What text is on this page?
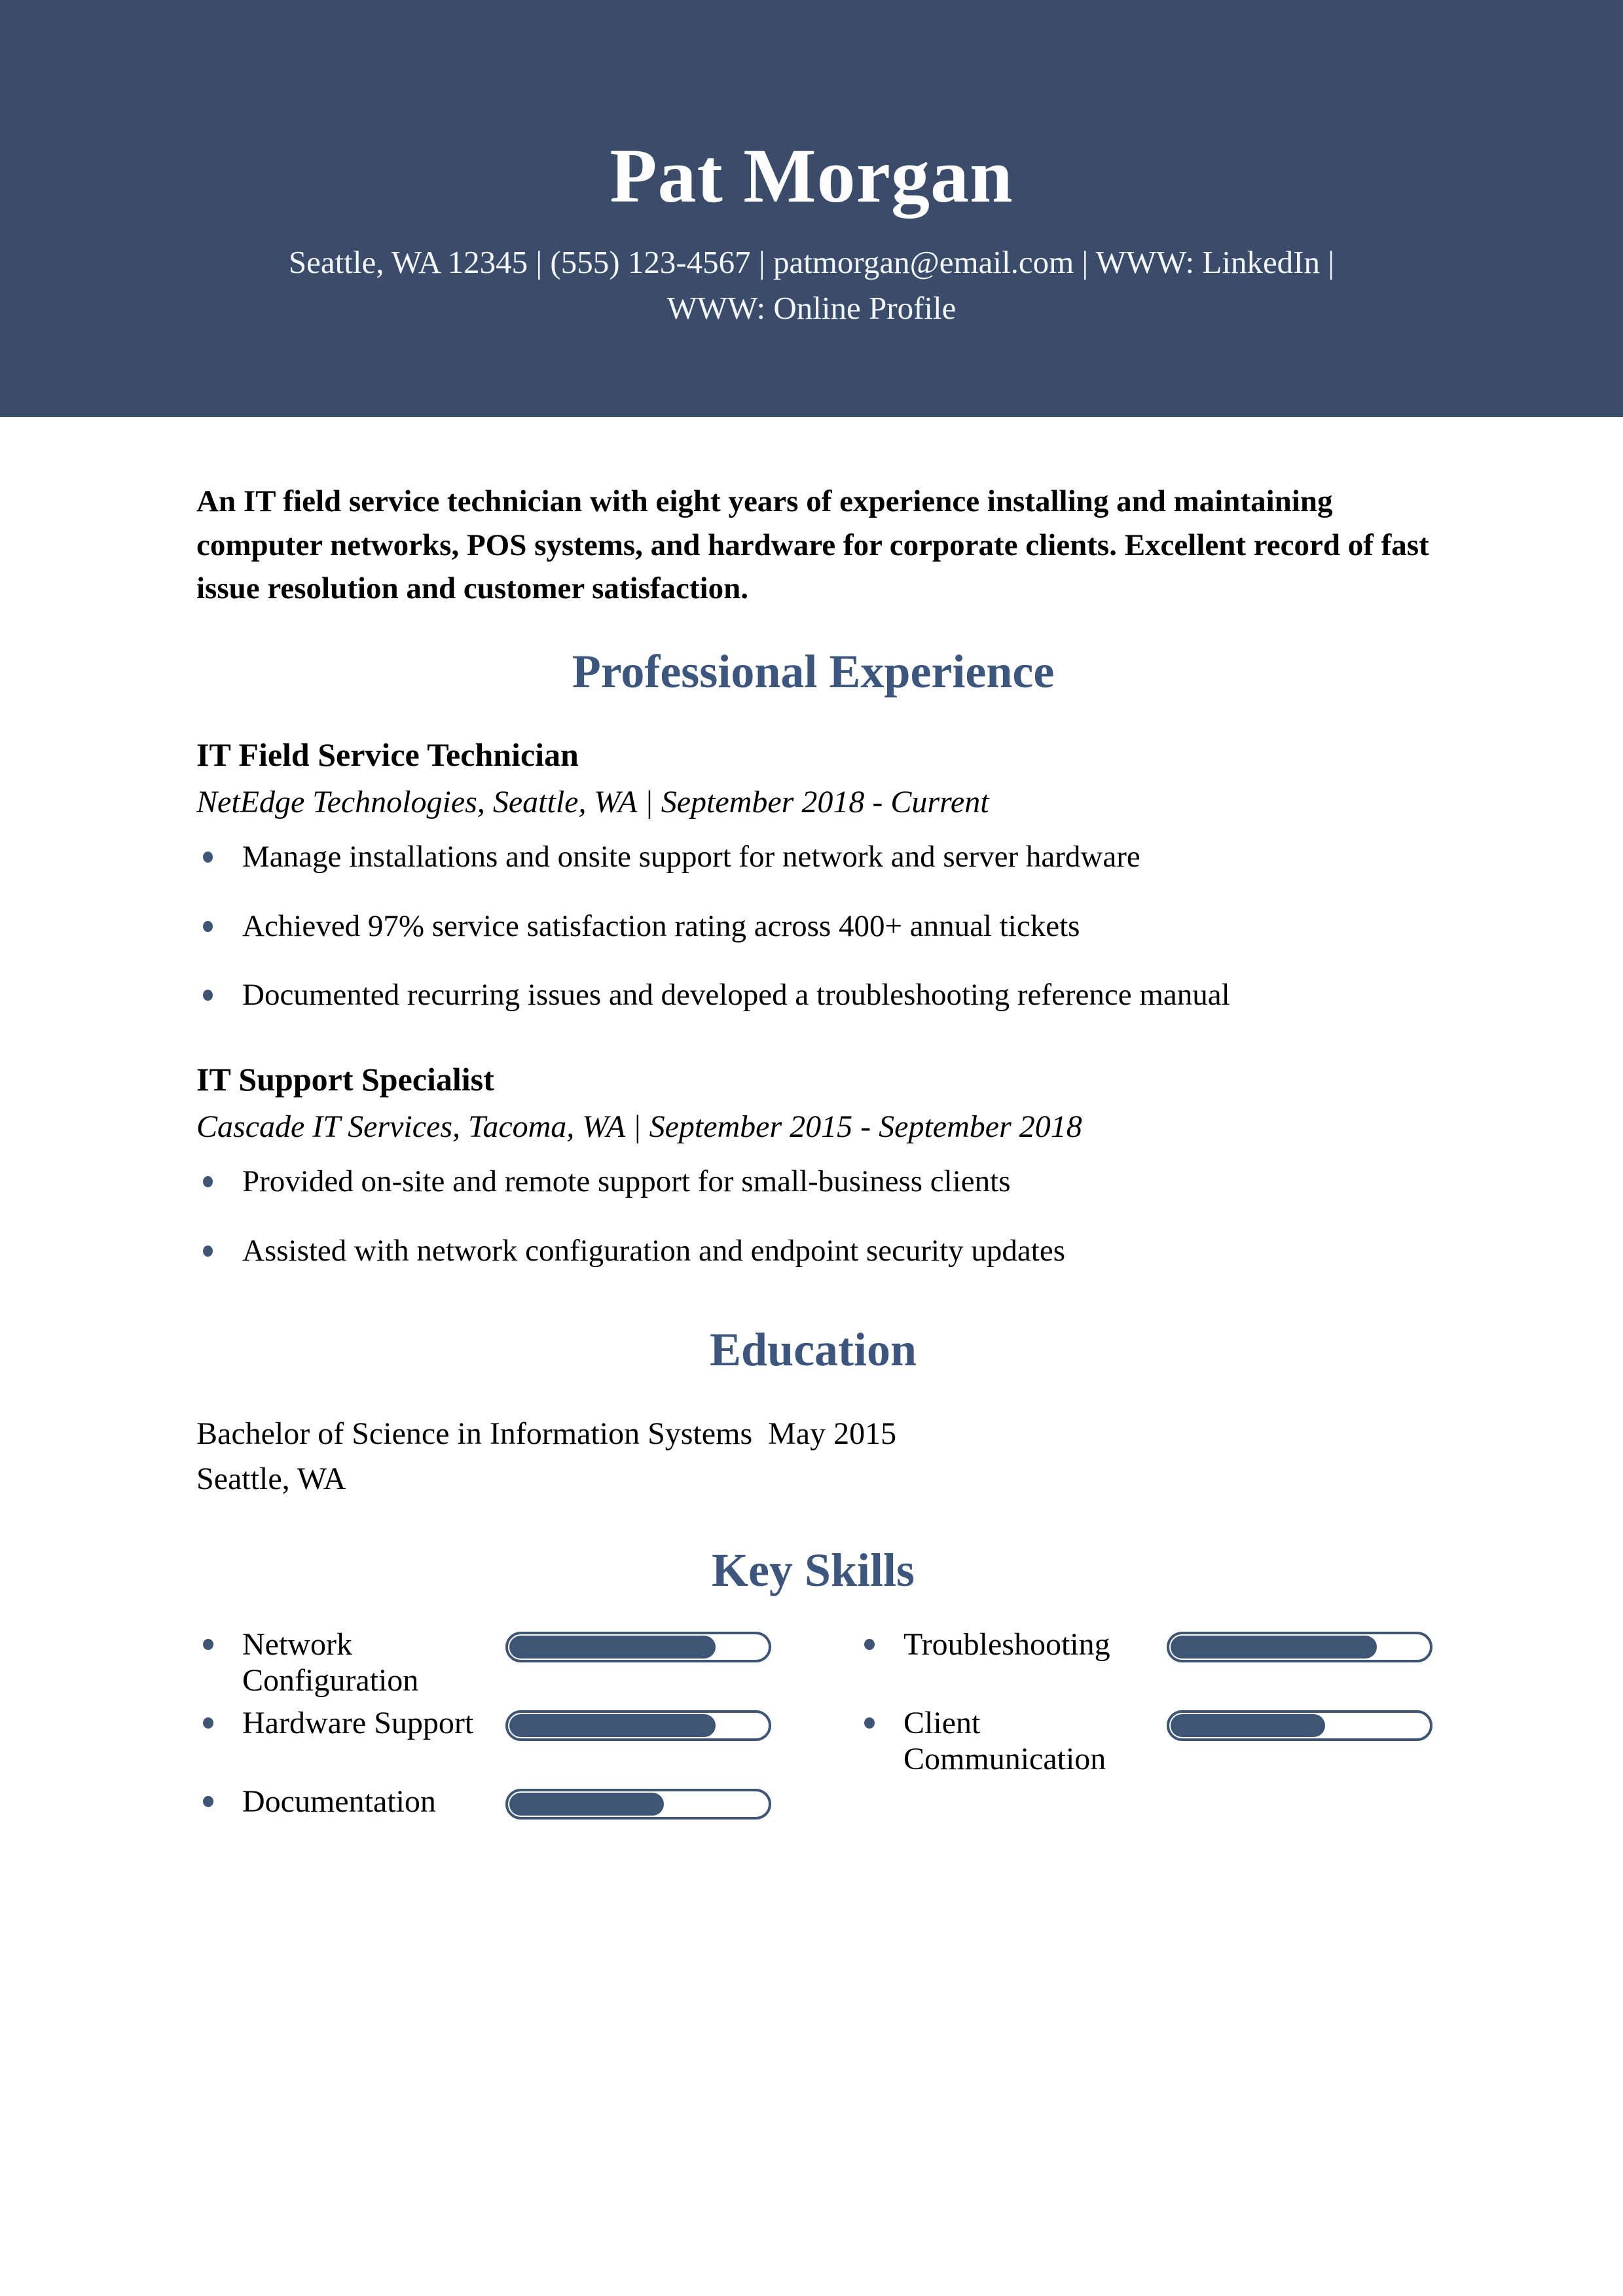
Pat Morgan
Seattle, WA 12345 | (555) 123-4567 | patmorgan@email.com | WWW: LinkedIn |
WWW: Online Profile

An IT field service technician with eight years of experience installing and maintaining computer networks, POS systems, and hardware for corporate clients. Excellent record of fast issue resolution and customer satisfaction.

Professional Experience
IT Field Service Technician

NetEdge Technologies, Seattle, WA | September 2018 - Current

Manage installations and onsite support for network and server hardware
Achieved 97% service satisfaction rating across 400+ annual tickets
Documented recurring issues and developed a troubleshooting reference manual
IT Support Specialist

Cascade IT Services, Tacoma, WA | September 2015 - September 2018

Provided on-site and remote support for small-business clients
Assisted with network configuration and endpoint security updates
Education
Bachelor of Science in Information Systems May 2015
Seattle, WA
Key Skills
Network Configuration
Hardware Support
Documentation
Troubleshooting
Client Communication
